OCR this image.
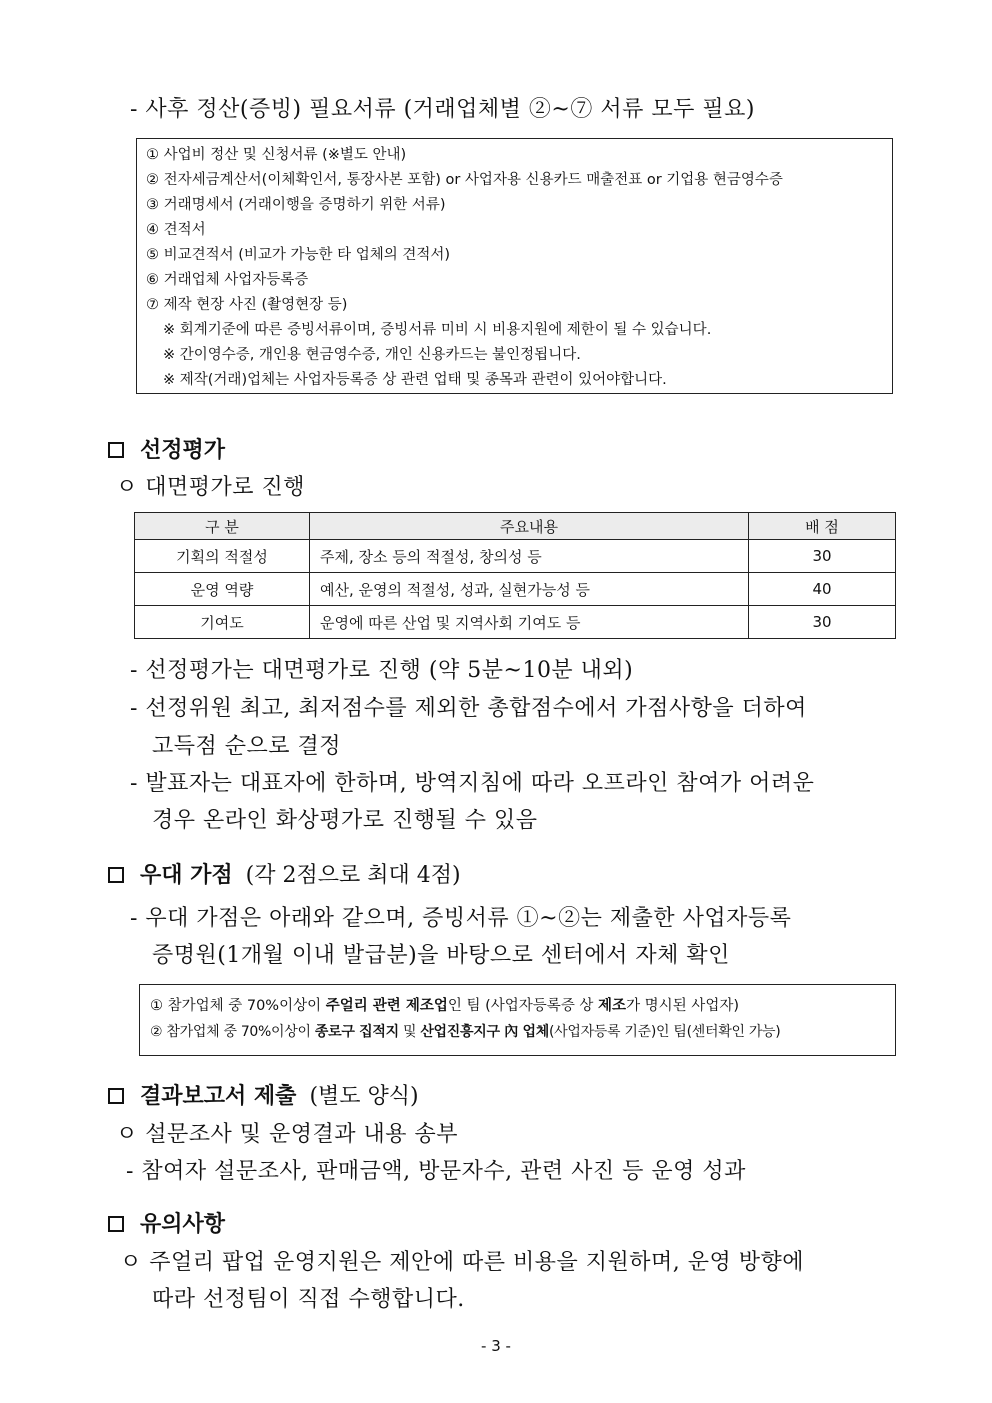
- 사후 정산(증빙) 필요서류 (거래업체별 ②~⑦ 서류 모두 필요)
① 사업비 정산 및 신청서류 (※별도 안내)
② 전자세금계산서(이체확인서, 통장사본 포함) or 사업자용 신용카드 매출전표 or 기업용 현금영수증
③ 거래명세서 (거래이행을 증명하기 위한 서류)
④ 견적서
⑤ 비교견적서 (비교가 가능한 타 업체의 견적서)
⑥ 거래업체 사업자등록증
⑦ 제작 현장 사진 (촬영현장 등)
※ 회계기준에 따른 증빙서류이며, 증빙서류 미비 시 비용지원에 제한이 될 수 있습니다.
※ 간이영수증, 개인용 현금영수증, 개인 신용카드는 불인정됩니다.
※ 제작(거래)업체는 사업자등록증 상 관련 업태 및 종목과 관련이 있어야합니다.
선정평가
ㅇ 대면평가로 진행
구 분	주요내용	배 점
기획의 적절성	주제, 장소 등의 적절성, 창의성 등	30
운영 역량	예산, 운영의 적절성, 성과, 실현가능성 등	40
기여도	운영에 따른 산업 및 지역사회 기여도 등	30
- 선정평가는 대면평가로 진행 (약 5분~10분 내외)
- 선정위원 최고, 최저점수를 제외한 총합점수에서 가점사항을 더하여
고득점 순으로 결정
- 발표자는 대표자에 한하며, 방역지침에 따라 오프라인 참여가 어려운
경우 온라인 화상평가로 진행될 수 있음
우대 가점 (각 2점으로 최대 4점)
- 우대 가점은 아래와 같으며, 증빙서류 ①~②는 제출한 사업자등록
증명원(1개월 이내 발급분)을 바탕으로 센터에서 자체 확인
① 참가업체 중 70%이상이 주얼리 관련 제조업인 팀 (사업자등록증 상 제조가 명시된 사업자)
② 참가업체 중 70%이상이 종로구 집적지 및 산업진흥지구 內 업체(사업자등록 기준)인 팀(센터확인 가능)
결과보고서 제출 (별도 양식)
ㅇ 설문조사 및 운영결과 내용 송부
- 참여자 설문조사, 판매금액, 방문자수, 관련 사진 등 운영 성과
유의사항
ㅇ 주얼리 팝업 운영지원은 제안에 따른 비용을 지원하며, 운영 방향에
따라 선정팀이 직접 수행합니다.
- 3 -
